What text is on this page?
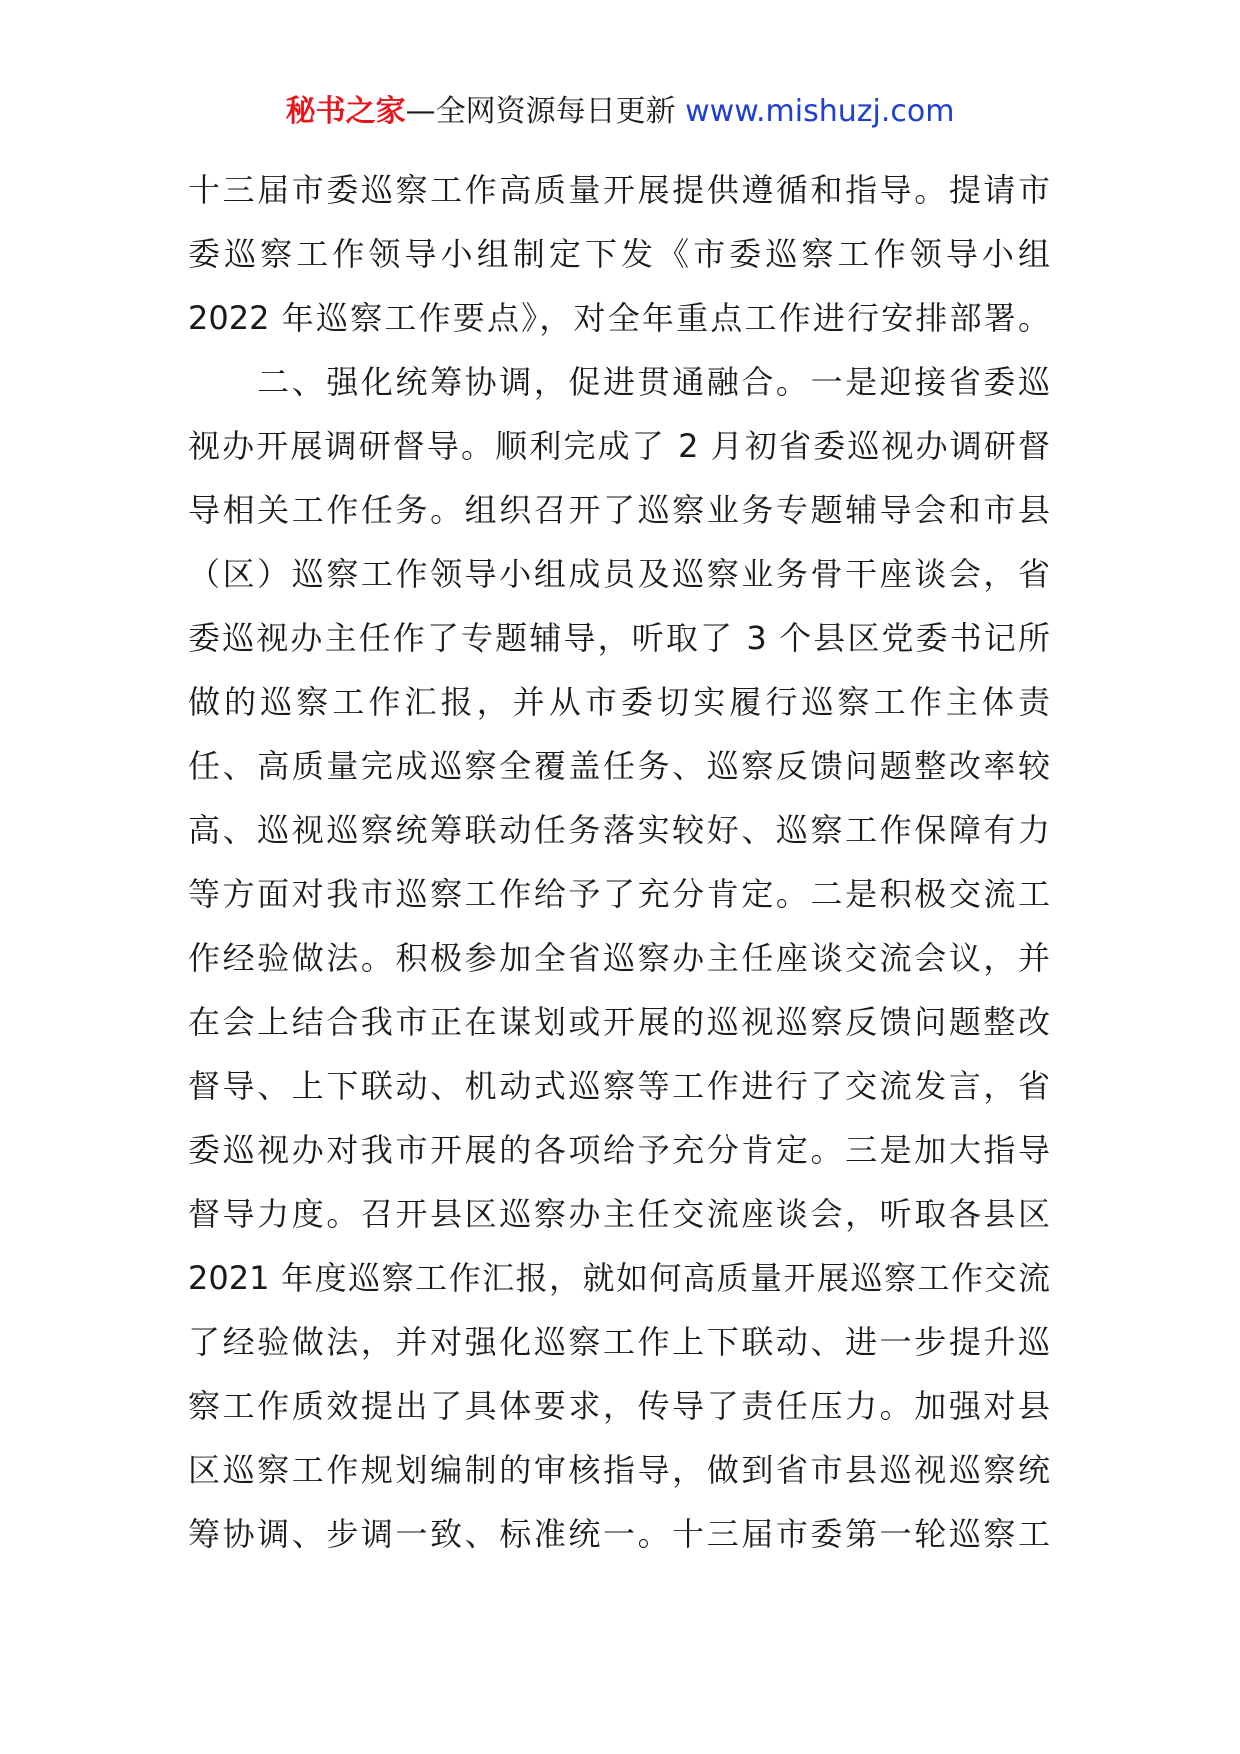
秘书之家—全网资源每日更新 www.mishuzj.com
十三届市委巡察工作高质量开展提供遵循和指导。提请市
委巡察工作领导小组制定下发《市委巡察工作领导小组
2022 年巡察工作要点》，对全年重点工作进行安排部署。
　　二、强化统筹协调，促进贯通融合。一是迎接省委巡
视办开展调研督导。顺利完成了 2 月初省委巡视办调研督
导相关工作任务。组织召开了巡察业务专题辅导会和市县
（区）巡察工作领导小组成员及巡察业务骨干座谈会，省
委巡视办主任作了专题辅导，听取了 3 个县区党委书记所
做的巡察工作汇报，并从市委切实履行巡察工作主体责
任、高质量完成巡察全覆盖任务、巡察反馈问题整改率较
高、巡视巡察统筹联动任务落实较好、巡察工作保障有力
等方面对我市巡察工作给予了充分肯定。二是积极交流工
作经验做法。积极参加全省巡察办主任座谈交流会议，并
在会上结合我市正在谋划或开展的巡视巡察反馈问题整改
督导、上下联动、机动式巡察等工作进行了交流发言，省
委巡视办对我市开展的各项给予充分肯定。三是加大指导
督导力度。召开县区巡察办主任交流座谈会，听取各县区
2021 年度巡察工作汇报，就如何高质量开展巡察工作交流
了经验做法，并对强化巡察工作上下联动、进一步提升巡
察工作质效提出了具体要求，传导了责任压力。加强对县
区巡察工作规划编制的审核指导，做到省市县巡视巡察统
筹协调、步调一致、标准统一。十三届市委第一轮巡察工
